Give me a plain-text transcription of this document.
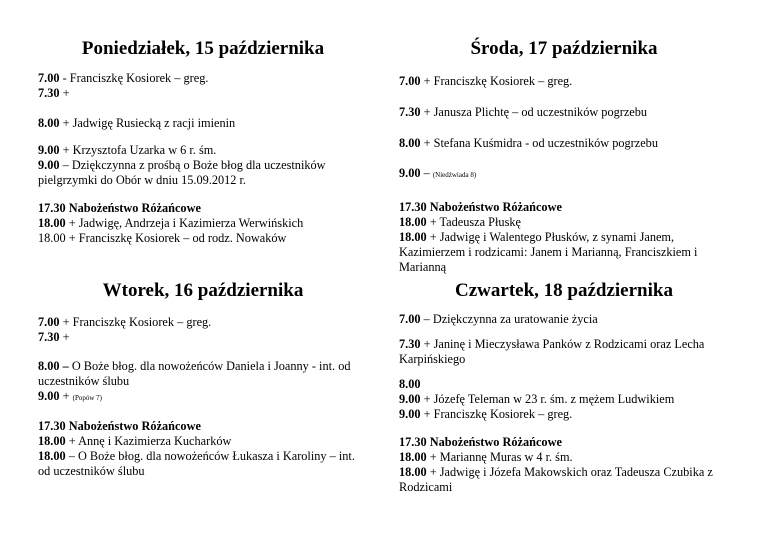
Poniedziałek, 15 października
7.00 - Franciszkę Kosiorek – greg.
7.30 +
8.00 + Jadwigę Rusiecką z racji imienin
9.00 + Krzysztofa Uzarka w 6 r. śm.
9.00 – Dziękczynna z prośbą o Boże błog dla uczestników pielgrzymki do Obór w dniu 15.09.2012 r.
17.30 Nabożeństwo Różańcowe
18.00 + Jadwigę, Andrzeja i Kazimierza Werwińskich
18.00 + Franciszkę Kosiorek – od rodz. Nowaków
Wtorek, 16 października
7.00 + Franciszkę Kosiorek – greg.
7.30 +
8.00 – O Boże błog. dla nowożeńców Daniela i Joanny - int. od uczestników ślubu
9.00 + (Popów 7)
17.30 Nabożeństwo Różańcowe
18.00 + Annę i Kazimierza Kucharków
18.00 – O Boże błog. dla nowożeńców Łukasza i Karoliny – int. od uczestników ślubu
Środa, 17 października
7.00 + Franciszkę Kosiorek – greg.
7.30 + Janusza Plichtę – od uczestników pogrzebu
8.00 + Stefana Kuśmidra - od uczestników pogrzebu
9.00 – (Niedźwiada 8)
17.30 Nabożeństwo Różańcowe
18.00 + Tadeusza Płuskę
18.00 + Jadwigę i Walentego Płusków, z synami Janem, Kazimierzem i rodzicami: Janem i Marianną, Franciszkiem i Marianną
Czwartek, 18 października
7.00 – Dziękczynna za uratowanie życia
7.30 + Janinę i Mieczysława Panków z Rodzicami oraz Lecha Karpińskiego
8.00
9.00 + Józefę Teleman w 23 r. śm. z mężem Ludwikiem
9.00 + Franciszkę Kosiorek – greg.
17.30 Nabożeństwo Różańcowe
18.00 + Mariannę Muras w 4 r. śm.
18.00 + Jadwigę i Józefa Makowskich oraz Tadeusza Czubika z Rodzicami
